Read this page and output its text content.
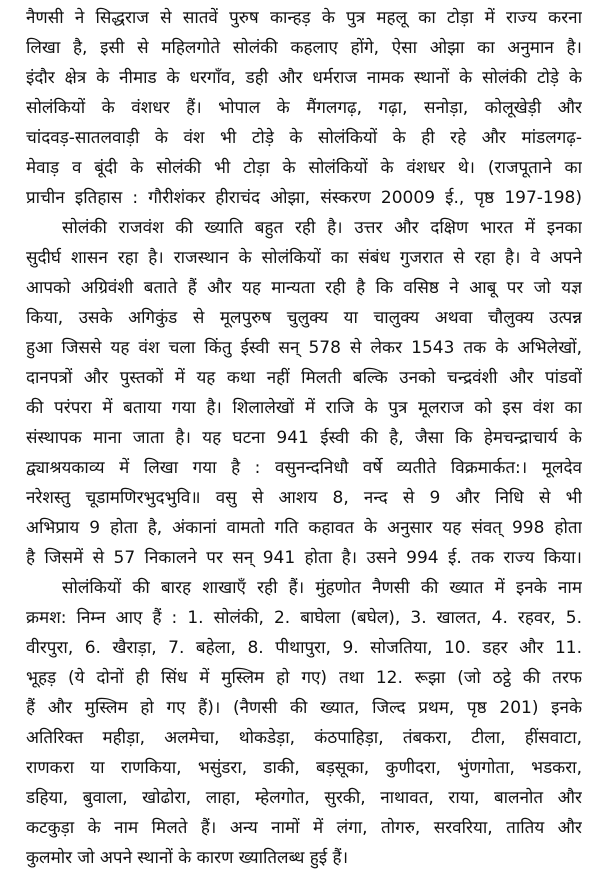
नैणसी ने सिद्धराज से सातवें पुरुष कान्हड़ के पुत्र महलू का टोड़ा में राज्य करना
लिखा है, इसी से महिलगोते सोलंकी कहलाए होंगे, ऐसा ओझा का अनुमान है।
इंदौर क्षेत्र के नीमाड के धरगाँव, डही और धर्मराज नामक स्थानों के सोलंकी टोड़े के
सोलंकियों के वंशधर हैं। भोपाल के मैंगलगढ़, गढ़ा, सनोड़ा, कोलूखेड़ी और
चांदवड़-सातलवाड़ी के वंश भी टोड़े के सोलंकियों के ही रहे और मांडलगढ़-
मेवाड़ व बूंदी के सोलंकी भी टोड़ा के सोलंकियों के वंशधर थे। (राजपूताने का
प्राचीन इतिहास : गौरीशंकर हीराचंद ओझा, संस्करण 20009 ई., पृष्ठ 197-198)
सोलंकी राजवंश की ख्याति बहुत रही है। उत्तर और दक्षिण भारत में इनका
सुदीर्घ शासन रहा है। राजस्थान के सोलंकियों का संबंध गुजरात से रहा है। वे अपने
आपको अग्रिवंशी बताते हैं और यह मान्यता रही है कि वसिष्ठ ने आबू पर जो यज्ञ
किया, उसके अगिकुंड से मूलपुरुष चुलुक्य या चालुक्य अथवा चौलुक्य उत्पन्न
हुआ जिससे यह वंश चला किंतु ईस्वी सन् 578 से लेकर 1543 तक के अभिलेखों,
दानपत्रों और पुस्तकों में यह कथा नहीं मिलती बल्कि उनको चन्द्रवंशी और पांडवों
की परंपरा में बताया गया है। शिलालेखों में राजि के पुत्र मूलराज को इस वंश का
संस्थापक माना जाता है। यह घटना 941 ईस्वी की है, जैसा कि हेमचन्द्राचार्य के
द्व्याश्रयकाव्य में लिखा गया है : वसुनन्दनिधौ वर्षे व्यतीते विक्रमार्कत:। मूलदेव
नरेशस्तु चूडामणिरभुदभुवि॥ वसु से आशय 8, नन्द से 9 और निधि से भी
अभिप्राय 9 होता है, अंकानां वामतो गति कहावत के अनुसार यह संवत् 998 होता
है जिसमें से 57 निकालने पर सन् 941 होता है। उसने 994 ई. तक राज्य किया।
सोलंकियों की बारह शाखाएँ रही हैं। मुंहणोत नैणसी की ख्यात में इनके नाम
क्रमश: निम्न आए हैं : 1. सोलंकी, 2. बाघेला (बघेल), 3. खालत, 4. रहवर, 5.
वीरपुरा, 6. खैराड़ा, 7. बहेला, 8. पीथापुरा, 9. सोजतिया, 10. डहर और 11.
भूहड़ (ये दोनों ही सिंध में मुस्लिम हो गए) तथा 12. रूझा (जो ठट्ठे की तरफ
हैं और मुस्लिम हो गए हैं)। (नैणसी की ख्यात, जिल्द प्रथम, पृष्ठ 201) इनके
अतिरिक्त महीड़ा, अलमेचा, थोकडेड़ा, कंठपाहिड़ा, तंबकरा, टीला, हींसवाटा,
राणकरा या राणकिया, भसुंडरा, डाकी, बड़सूका, कुणीदरा, भुंणगोता, भडकरा,
डहिया, बुवाला, खोढोरा, लाहा, म्हेलगोत, सुरकी, नाथावत, राया, बालनोत और
कटकुड़ा के नाम मिलते हैं। अन्य नामों में लंगा, तोगरु, सरवरिया, तातिय और
कुलमोर जो अपने स्थानों के कारण ख्यातिलब्ध हुई हैं।
